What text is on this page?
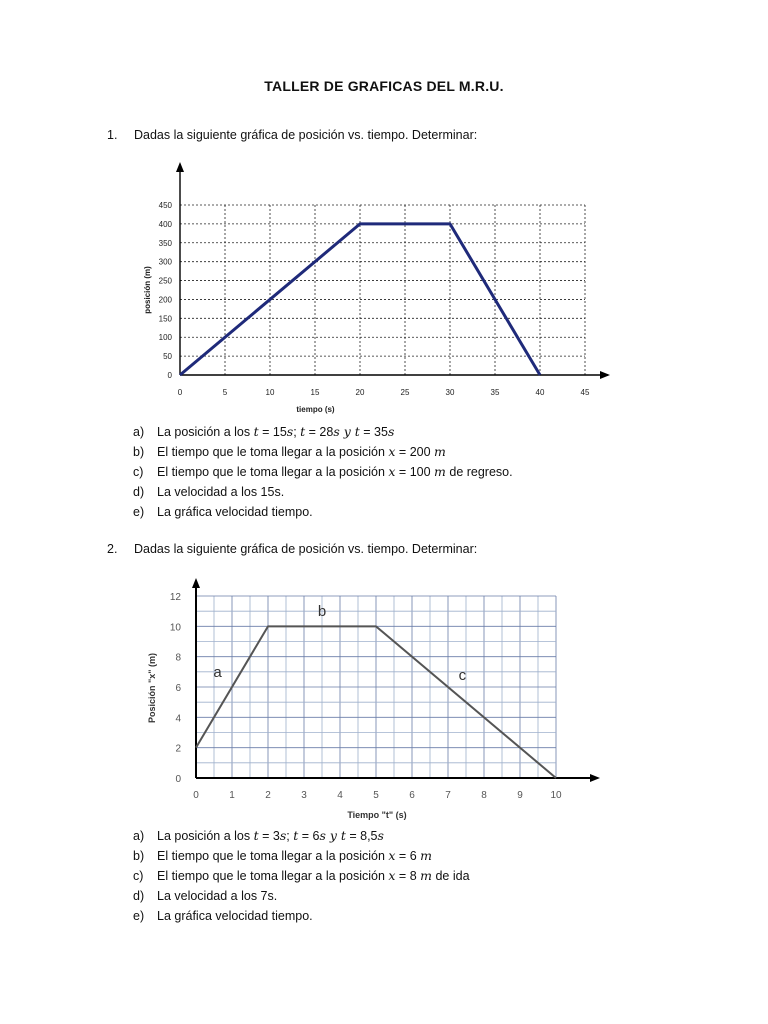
TALLER DE GRAFICAS DEL M.R.U.
1. Dadas la siguiente gráfica de posición vs. tiempo. Determinar:
0	5	10	15	20	25	30	35	40	45
0
50
100
150
200
250
300
350
400
450
tiempo (s)
posición (m)
a) La posición a los t = 15s; t = 28s y t = 35s
b) El tiempo que le toma llegar a la posición x = 200 m
c) El tiempo que le toma llegar a la posición x = 100 m de regreso.
d) La velocidad a los 15s.
e) La gráfica velocidad tiempo.
2. Dadas la siguiente gráfica de posición vs. tiempo. Determinar:
0	1	2	3	4	5	6	7	8	9	10
0
2
4
6
8
10
12
a
b
c
Tiempo "t" (s)
Posición "x" (m)
a) La posición a los t = 3s; t = 6s y t = 8,5s
b) El tiempo que le toma llegar a la posición x = 6 m
c) El tiempo que le toma llegar a la posición x = 8 m de ida
d) La velocidad a los 7s.
e) La gráfica velocidad tiempo.
